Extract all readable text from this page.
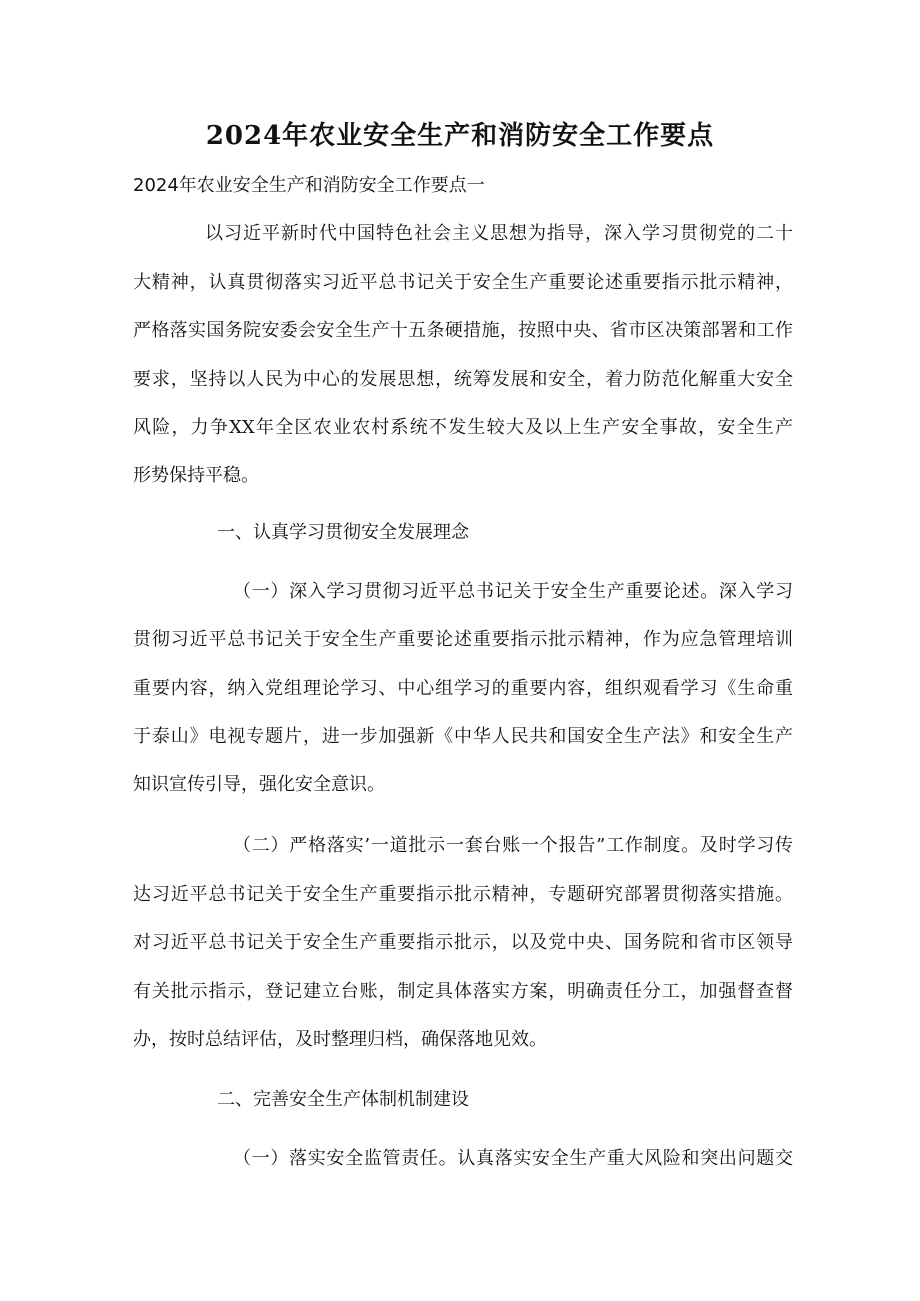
2024年农业安全生产和消防安全工作要点
2024年农业安全生产和消防安全工作要点一
以习近平新时代中国特色社会主义思想为指导，深入学习贯彻党的二十
大精神，认真贯彻落实习近平总书记关于安全生产重要论述重要指示批示精神，
严格落实国务院安委会安全生产十五条硬措施，按照中央、省市区决策部署和工作
要求，坚持以人民为中心的发展思想，统筹发展和安全，着力防范化解重大安全
风险，力争XX年全区农业农村系统不发生较大及以上生产安全事故，安全生产
形势保持平稳。
一、认真学习贯彻安全发展理念
（一）深入学习贯彻习近平总书记关于安全生产重要论述。深入学习
贯彻习近平总书记关于安全生产重要论述重要指示批示精神，作为应急管理培训
重要内容，纳入党组理论学习、中心组学习的重要内容，组织观看学习《生命重
于泰山》电视专题片，进一步加强新《中华人民共和国安全生产法》和安全生产
知识宣传引导，强化安全意识。
（二）严格落实’一道批示一套台账一个报告”工作制度。及时学习传
达习近平总书记关于安全生产重要指示批示精神，专题研究部署贯彻落实措施。
对习近平总书记关于安全生产重要指示批示，以及党中央、国务院和省市区领导
有关批示指示，登记建立台账，制定具体落实方案，明确责任分工，加强督查督
办，按时总结评估，及时整理归档，确保落地见效。
二、完善安全生产体制机制建设
（一）落实安全监管责任。认真落实安全生产重大风险和突出问题交
